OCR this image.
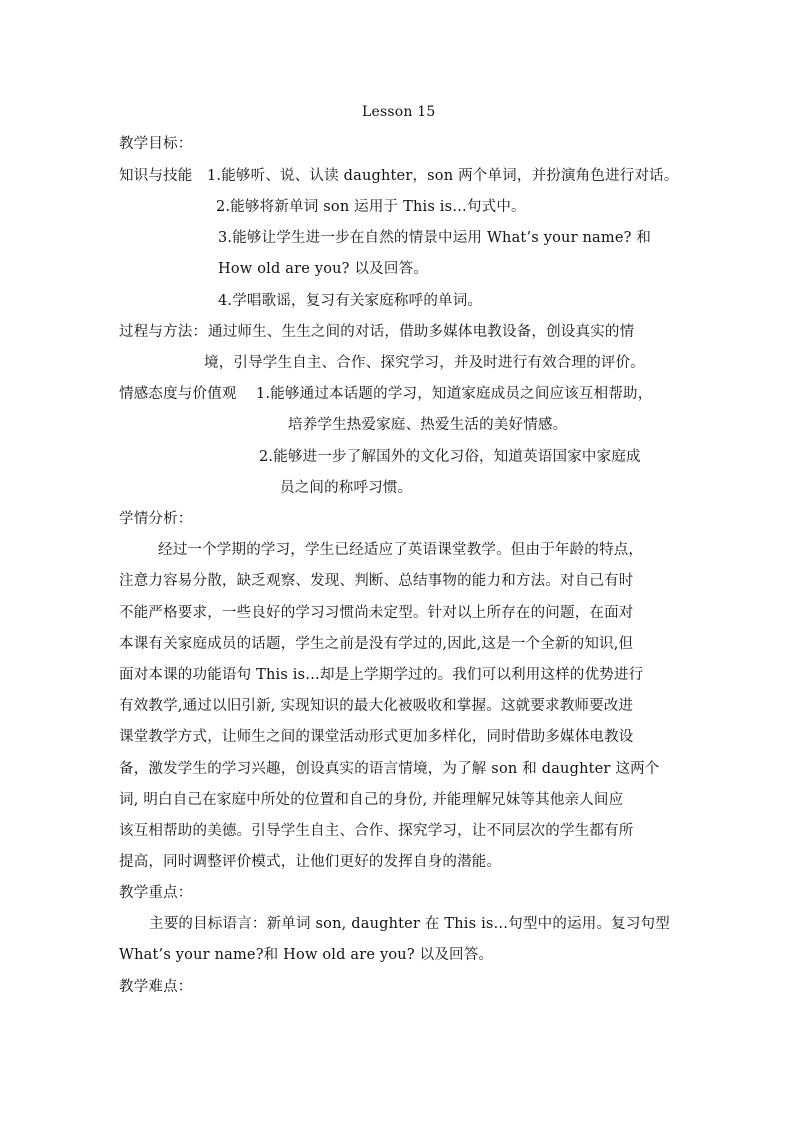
Lesson 15
教学目标：
知识与技能 1.能够听、说、认读 daughter，son 两个单词，并扮演角色进行对话。
2.能够将新单词 son 运用于 This is…句式中。
3.能够让学生进一步在自然的情景中运用 What’s your name? 和
How old are you? 以及回答。
4.学唱歌谣，复习有关家庭称呼的单词。
过程与方法： 通过师生、生生之间的对话，借助多媒体电教设备，创设真实的情
境，引导学生自主、合作、探究学习，并及时进行有效合理的评价。
情感态度与价值观 1.能够通过本话题的学习，知道家庭成员之间应该互相帮助，
培养学生热爱家庭、热爱生活的美好情感。
2.能够进一步了解国外的文化习俗，知道英语国家中家庭成
员之间的称呼习惯。
学情分析：
经过一个学期的学习，学生已经适应了英语课堂教学。但由于年龄的特点，
注意力容易分散，缺乏观察、发现、判断、总结事物的能力和方法。对自己有时
不能严格要求，一些良好的学习习惯尚未定型。针对以上所存在的问题，在面对
本课有关家庭成员的话题，学生之前是没有学过的,因此,这是一个全新的知识,但
面对本课的功能语句 This is…却是上学期学过的。我们可以利用这样的优势进行
有效教学,通过以旧引新, 实现知识的最大化被吸收和掌握。这就要求教师要改进
课堂教学方式，让师生之间的课堂活动形式更加多样化，同时借助多媒体电教设
备，激发学生的学习兴趣，创设真实的语言情境，为了解 son 和 daughter 这两个
词, 明白自己在家庭中所处的位置和自己的身份, 并能理解兄妹等其他亲人间应
该互相帮助的美德。引导学生自主、合作、探究学习，让不同层次的学生都有所
提高，同时调整评价模式，让他们更好的发挥自身的潜能。
教学重点：
主要的目标语言：新单词 son, daughter 在 This is…句型中的运用。复习句型
What’s your name?和 How old are you? 以及回答。
教学难点：
